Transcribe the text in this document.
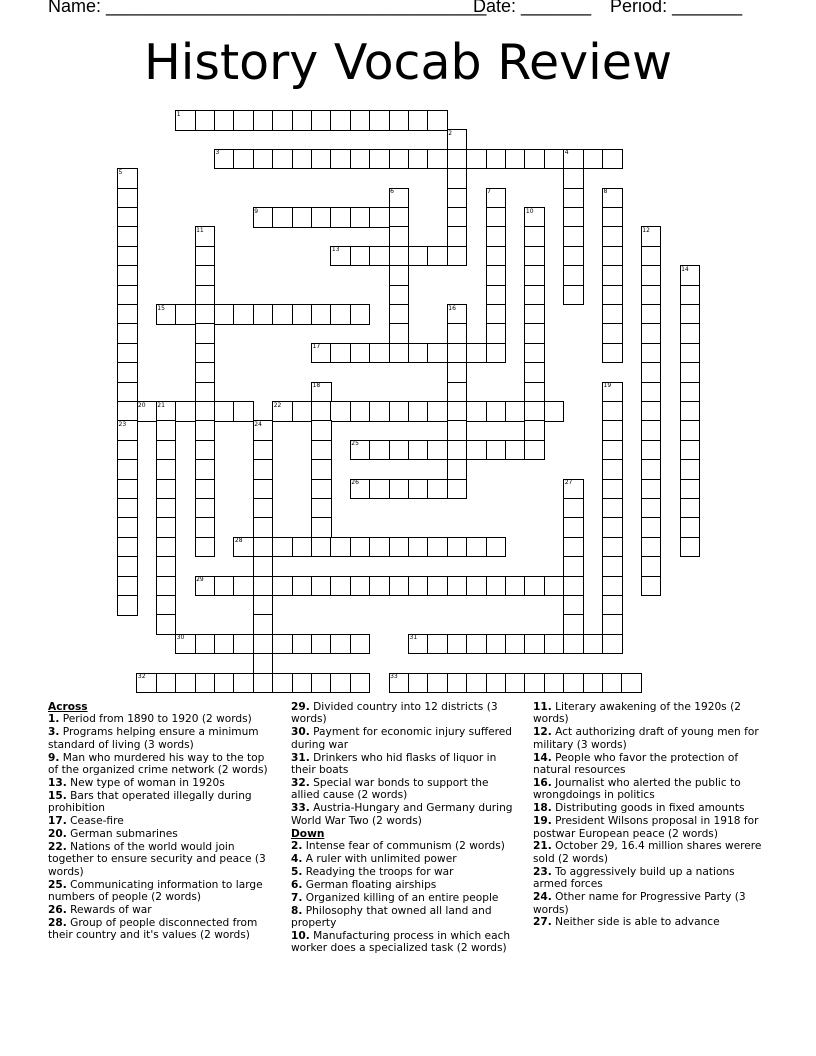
Name: ______________________________________ Date: _______ Period: _______
History Vocab Review
1
3
9
13
15
17
20	22
25
26
28
29
30	31
32	33
2
4
5
6	7	8
10
11	12
14
16
18	19
21
23	24
27
Across
1. Period from 1890 to 1920 (2 words)
3. Programs helping ensure a minimum standard of living (3 words)
9. Man who murdered his way to the top of the organized crime network (2 words)
13. New type of woman in 1920s
15. Bars that operated illegally during prohibition
17. Cease-fire
20. German submarines
22. Nations of the world would join together to ensure security and peace (3 words)
25. Communicating information to large numbers of people (2 words)
26. Rewards of war
28. Group of people disconnected from their country and it's values (2 words)
29. Divided country into 12 districts (3 words)
30. Payment for economic injury suffered during war
31. Drinkers who hid flasks of liquor in their boats
32. Special war bonds to support the allied cause (2 words)
33. Austria-Hungary and Germany during World War Two (2 words)
Down
2. Intense fear of communism (2 words)
4. A ruler with unlimited power
5. Readying the troops for war
6. German floating airships
7. Organized killing of an entire people
8. Philosophy that owned all land and property
10. Manufacturing process in which each worker does a specialized task (2 words)
11. Literary awakening of the 1920s (2 words)
12. Act authorizing draft of young men for military (3 words)
14. People who favor the protection of natural resources
16. Journalist who alerted the public to wrongdoings in politics
18. Distributing goods in fixed amounts
19. President Wilsons proposal in 1918 for postwar European peace (2 words)
21. October 29, 16.4 million shares werere sold (2 words)
23. To aggressively build up a nations armed forces
24. Other name for Progressive Party (3 words)
27. Neither side is able to advance
